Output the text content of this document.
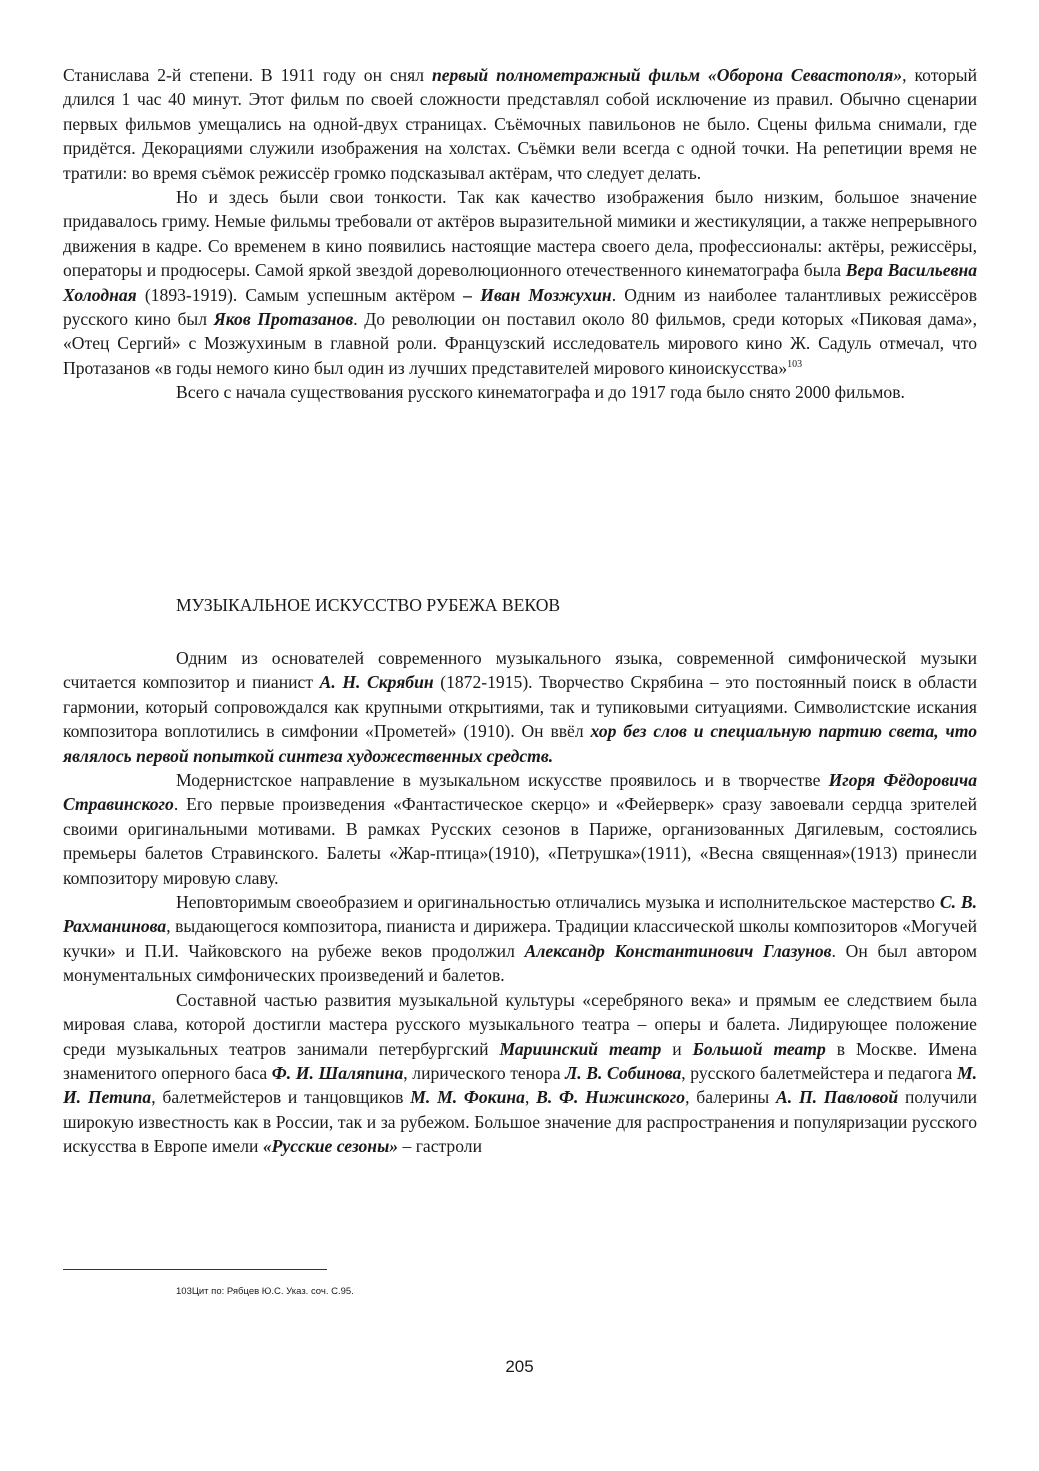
Станислава 2-й степени. В 1911 году он снял первый полнометражный фильм «Оборона Севастополя», который длился 1 час 40 минут. Этот фильм по своей сложности представлял собой исключение из правил. Обычно сценарии первых фильмов умещались на одной-двух страницах. Съёмочных павильонов не было. Сцены фильма снимали, где придётся. Декорациями служили изображения на холстах. Съёмки вели всегда с одной точки. На репетиции время не тратили: во время съёмок режиссёр громко подсказывал актёрам, что следует делать.

Но и здесь были свои тонкости. Так как качество изображения было низким, большое значение придавалось гриму. Немые фильмы требовали от актёров выразительной мимики и жестикуляции, а также непрерывного движения в кадре. Со временем в кино появились настоящие мастера своего дела, профессионалы: актёры, режиссёры, операторы и продюсеры. Самой яркой звездой дореволюционного отечественного кинематографа была Вера Васильевна Холодная (1893-1919). Самым успешным актёром – Иван Мозжухин. Одним из наиболее талантливых режиссёров русского кино был Яков Протазанов. До революции он поставил около 80 фильмов, среди которых «Пиковая дама», «Отец Сергий» с Мозжухиным в главной роли. Французский исследователь мирового кино Ж. Садуль отмечал, что Протазанов «в годы немого кино был один из лучших представителей мирового киноискусства»$^{103}$

Всего с начала существования русского кинематографа и до 1917 года было снято 2000 фильмов.

МУЗЫКАЛЬНОЕ ИСКУССТВО РУБЕЖА ВЕКОВ

Одним из основателей современного музыкального языка, современной симфонической музыки считается композитор и пианист А. Н. Скрябин (1872-1915). Творчество Скрябина – это постоянный поиск в области гармонии, который сопровождался как крупными открытиями, так и тупиковыми ситуациями. Символистские искания композитора воплотились в симфонии «Прометей» (1910). Он ввёл хор без слов и специальную партию света, что являлось первой попыткой синтеза художественных средств.

Модернистское направление в музыкальном искусстве проявилось и в творчестве Игоря Фёдоровича Стравинского. Его первые произведения «Фантастическое скерцо» и «Фейерверк» сразу завоевали сердца зрителей своими оригинальными мотивами. В рамках Русских сезонов в Париже, организованных Дягилевым, состоялись премьеры балетов Стравинского. Балеты «Жар-птица»(1910), «Петрушка»(1911), «Весна священная»(1913) принесли композитору мировую славу.

Неповторимым своеобразием и оригинальностью отличались музыка и исполнительское мастерство С. В. Рахманинова, выдающегося композитора, пианиста и дирижера. Традиции классической школы композиторов «Могучей кучки» и П.И. Чайковского на рубеже веков продолжил Александр Константинович Глазунов. Он был автором монументальных симфонических произведений и балетов.

Составной частью развития музыкальной культуры «серебряного века» и прямым ее следствием была мировая слава, которой достигли мастера русского музыкального театра – оперы и балета. Лидирующее положение среди музыкальных театров занимали петербургский Мариинский театр и Большой театр в Москве. Имена знаменитого оперного баса Ф. И. Шаляпина, лирического тенора Л. В. Собинова, русского балетмейстера и педагога М. И. Петипа, балетмейстеров и танцовщиков М. М. Фокина, В. Ф. Нижинского, балерины А. П. Павловой получили широкую известность как в России, так и за рубежом. Большое значение для распространения и популяризации русского искусства в Европе имели «Русские сезоны» – гастроли

103Цит по: Рябцев Ю.С. Указ. соч. С.95.
205
